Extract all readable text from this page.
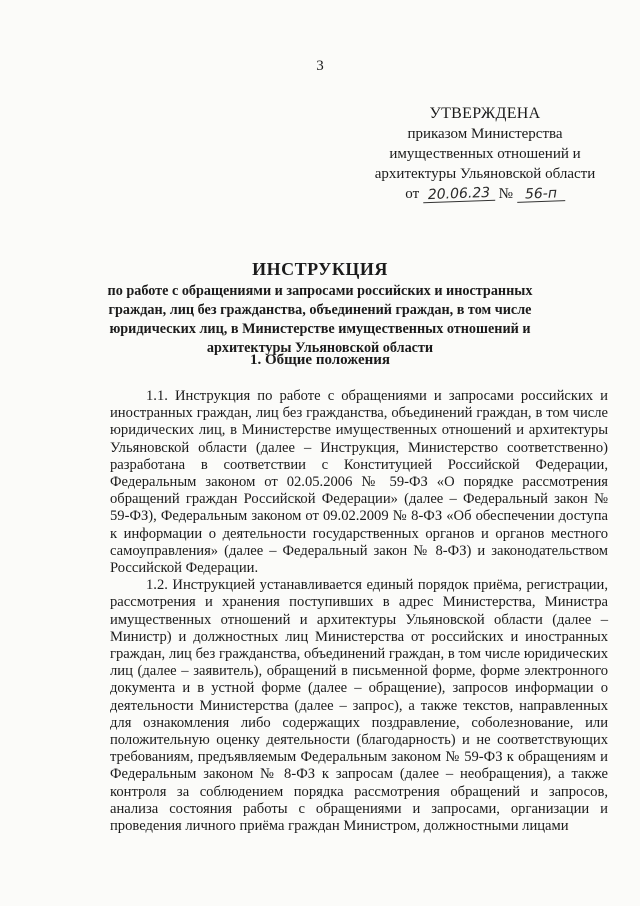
3
УТВЕРЖДЕНА
приказом Министерства
имущественных отношений и
архитектуры Ульяновской области
от 20.06.23 № 56-п
ИНСТРУКЦИЯ
по работе с обращениями и запросами российских и иностранных граждан, лиц без гражданства, объединений граждан, в том числе юридических лиц, в Министерстве имущественных отношений и архитектуры Ульяновской области
1. Общие положения

1.1. Инструкция по работе с обращениями и запросами российских и иностранных граждан, лиц без гражданства, объединений граждан, в том числе юридических лиц, в Министерстве имущественных отношений и архитектуры Ульяновской области (далее – Инструкция, Министерство соответственно) разработана в соответствии с Конституцией Российской Федерации, Федеральным законом от 02.05.2006 № 59-ФЗ «О порядке рассмотрения обращений граждан Российской Федерации» (далее – Федеральный закон № 59-ФЗ), Федеральным законом от 09.02.2009 № 8-ФЗ «Об обеспечении доступа к информации о деятельности государственных органов и органов местного самоуправления» (далее – Федеральный закон № 8-ФЗ) и законодательством Российской Федерации.

1.2. Инструкцией устанавливается единый порядок приёма, регистрации, рассмотрения и хранения поступивших в адрес Министерства, Министра имущественных отношений и архитектуры Ульяновской области (далее – Министр) и должностных лиц Министерства от российских и иностранных граждан, лиц без гражданства, объединений граждан, в том числе юридических лиц (далее – заявитель), обращений в письменной форме, форме электронного документа и в устной форме (далее – обращение), запросов информации о деятельности Министерства (далее – запрос), а также текстов, направленных для ознакомления либо содержащих поздравление, соболезнование, или положительную оценку деятельности (благодарность) и не соответствующих требованиям, предъявляемым Федеральным законом № 59-ФЗ к обращениям и Федеральным законом № 8-ФЗ к запросам (далее – необращения), а также контроля за соблюдением порядка рассмотрения обращений и запросов, анализа состояния работы с обращениями и запросами, организации и проведения личного приёма граждан Министром, должностными лицами
